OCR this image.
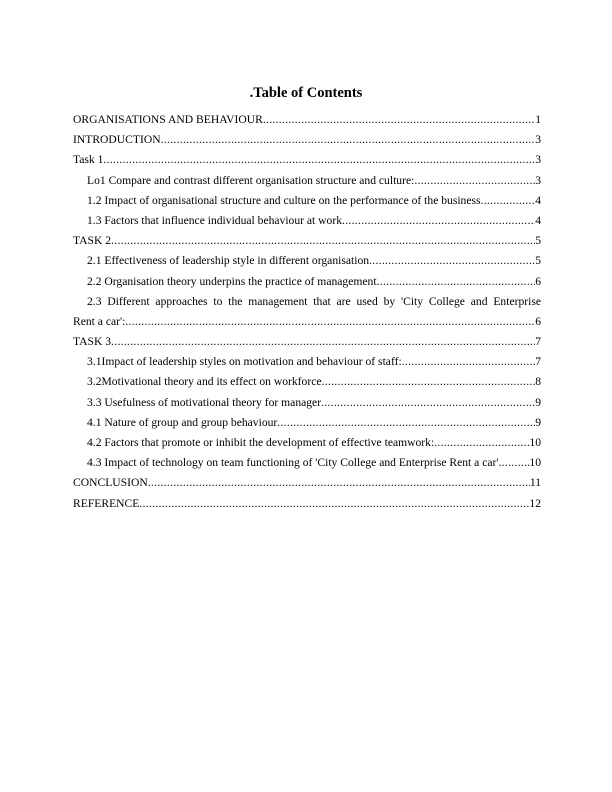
.Table of Contents
ORGANISATIONS AND BEHAVIOUR .....	1
INTRODUCTION .....	3
Task 1 .....	3
Lo1 Compare and contrast different organisation structure and culture: .....	3
1.2 Impact of organisational structure and culture on the performance of the business .....	4
1.3 Factors that influence individual behaviour at work .....	4
TASK 2 .....	5
2.1 Effectiveness of leadership style in different organisation .....	5
2.2 Organisation theory underpins the practice of management .....	6
2.3 Different approaches to the management that are used by 'City College and Enterprise
Rent a car': .....	6
TASK 3 .....	7
3.1Impact of leadership styles on motivation and behaviour of staff: .....	7
3.2Motivational theory and its effect on workforce .....	8
3.3 Usefulness of motivational theory for manager .....	9
4.1 Nature of group and group behaviour .....	9
4.2 Factors that promote or inhibit the development of effective teamwork: .....	10
4.3 Impact of technology on team functioning of 'City College and Enterprise Rent a car' .....	10
CONCLUSION .....	11
REFERENCE .....	12
